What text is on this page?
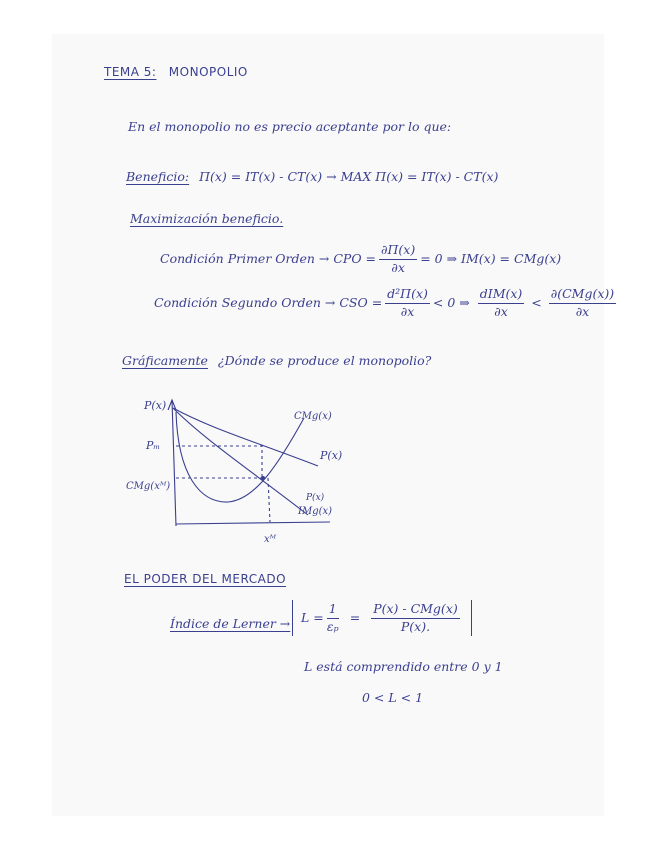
TEMA 5: MONOPOLIO
En el monopolio no es precio aceptante por lo que:
Beneficio: Π(x) = IT(x) - CT(x) → MAX Π(x) = IT(x) - CT(x)
Maximización beneficio.
Condición Primer Orden → CPO = $\frac{\partial\Pi(x)}{\partial x} = 0$ ⇒ IM(x) = CMg(x)
Condición Segundo Orden → CSO = $\frac{\text{d²Π(x)}}{\partial x} < 0$ ⇒ $\frac{\text{dIM(x)}}{\partial x} < \frac{\text{∂(CMg(x))}}{\partial x}$
Gráficamente ¿Dónde se produce el monopolio?
P(x)
Pₘ
CMg(xᴹ)
xᴹ
CMg(x)
P(x)
P(x)
IMg(x)
EL PODER DEL MERCADO
Índice de Lerner → $L = \frac{1}{\text{εₚ}} = \frac{\text{P(x) - CMg(x)}}{P(x).}$
L está comprendido entre 0 y 1
0 < L < 1
